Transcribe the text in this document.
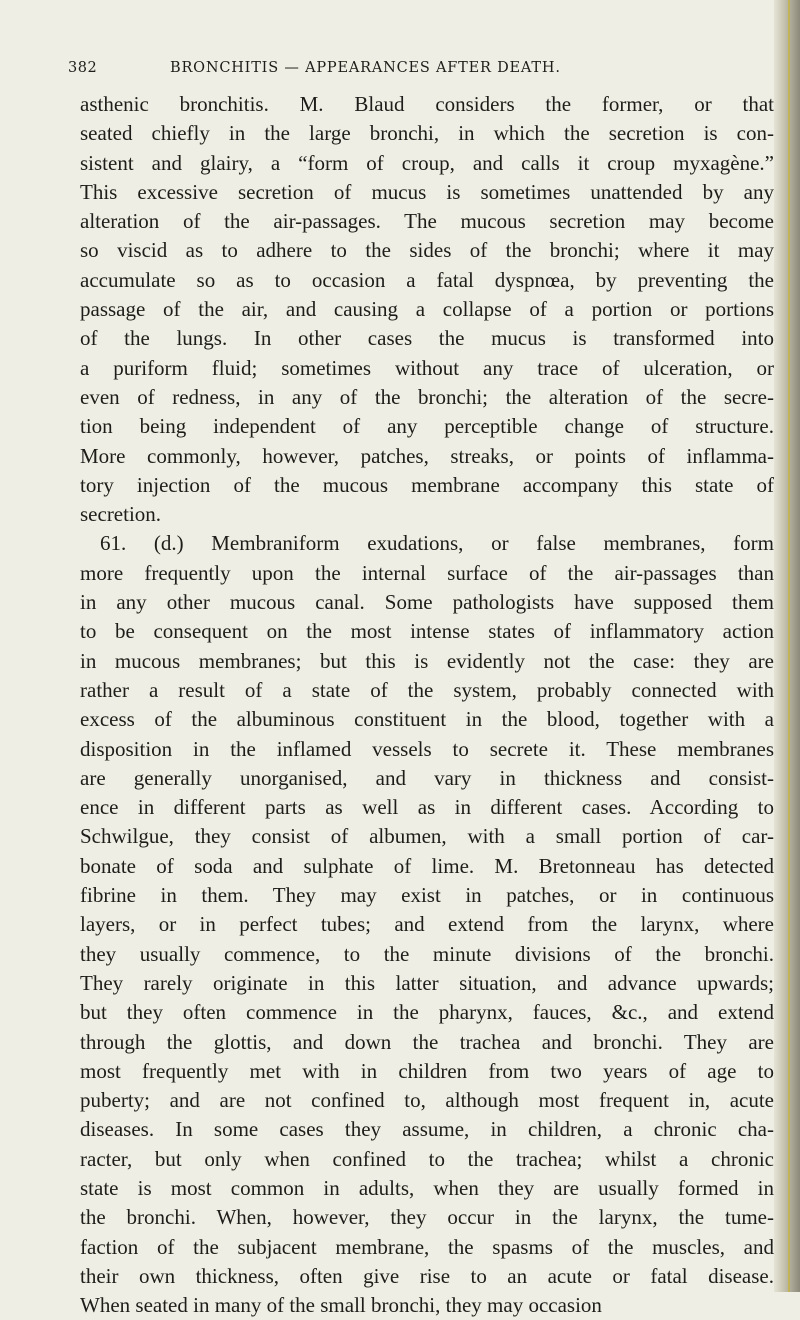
382	BRONCHITIS — APPEARANCES AFTER DEATH.
asthenic bronchitis. M. Blaud considers the former, or that
seated chiefly in the large bronchi, in which the secretion is con-
sistent and glairy, a “form of croup, and calls it croup myxagène.”
This excessive secretion of mucus is sometimes unattended by any
alteration of the air-passages. The mucous secretion may become
so viscid as to adhere to the sides of the bronchi; where it may
accumulate so as to occasion a fatal dyspnœa, by preventing the
passage of the air, and causing a collapse of a portion or portions
of the lungs. In other cases the mucus is transformed into
a puriform fluid; sometimes without any trace of ulceration, or
even of redness, in any of the bronchi; the alteration of the secre-
tion being independent of any perceptible change of structure.
More commonly, however, patches, streaks, or points of inflamma-
tory injection of the mucous membrane accompany this state of
secretion.
61. (d.) Membraniform exudations, or false membranes, form
more frequently upon the internal surface of the air-passages than
in any other mucous canal. Some pathologists have supposed them
to be consequent on the most intense states of inflammatory action
in mucous membranes; but this is evidently not the case: they are
rather a result of a state of the system, probably connected with
excess of the albuminous constituent in the blood, together with a
disposition in the inflamed vessels to secrete it. These membranes
are generally unorganised, and vary in thickness and consist-
ence in different parts as well as in different cases. According to
Schwilgue, they consist of albumen, with a small portion of car-
bonate of soda and sulphate of lime. M. Bretonneau has detected
fibrine in them. They may exist in patches, or in continuous
layers, or in perfect tubes; and extend from the larynx, where
they usually commence, to the minute divisions of the bronchi.
They rarely originate in this latter situation, and advance upwards;
but they often commence in the pharynx, fauces, &c., and extend
through the glottis, and down the trachea and bronchi. They are
most frequently met with in children from two years of age to
puberty; and are not confined to, although most frequent in, acute
diseases. In some cases they assume, in children, a chronic cha-
racter, but only when confined to the trachea; whilst a chronic
state is most common in adults, when they are usually formed in
the bronchi. When, however, they occur in the larynx, the tume-
faction of the subjacent membrane, the spasms of the muscles, and
their own thickness, often give rise to an acute or fatal disease.
When seated in many of the small bronchi, they may occasion
